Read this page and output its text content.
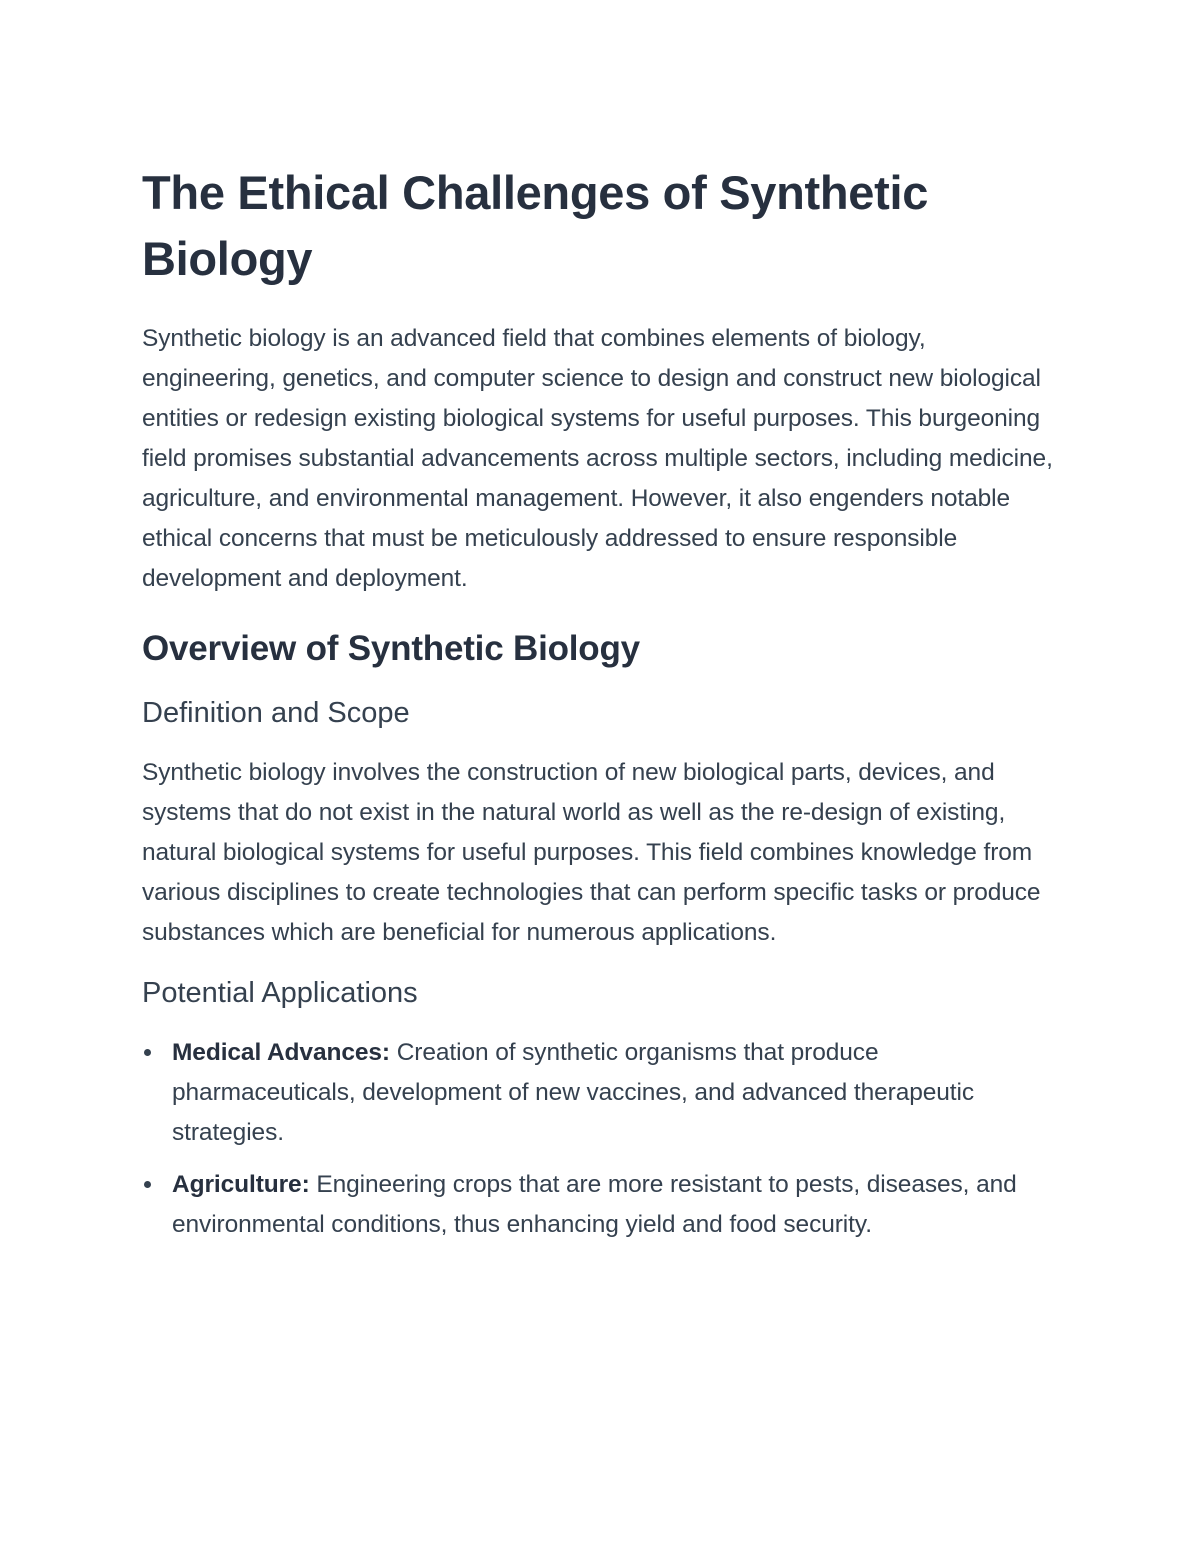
The Ethical Challenges of Synthetic Biology

Synthetic biology is an advanced field that combines elements of biology, engineering, genetics, and computer science to design and construct new biological entities or redesign existing biological systems for useful purposes. This burgeoning field promises substantial advancements across multiple sectors, including medicine, agriculture, and environmental management. However, it also engenders notable ethical concerns that must be meticulously addressed to ensure responsible development and deployment.

Overview of Synthetic Biology
Definition and Scope

Synthetic biology involves the construction of new biological parts, devices, and systems that do not exist in the natural world as well as the re-design of existing, natural biological systems for useful purposes. This field combines knowledge from various disciplines to create technologies that can perform specific tasks or produce substances which are beneficial for numerous applications.

Potential Applications
Medical Advances: Creation of synthetic organisms that produce pharmaceuticals, development of new vaccines, and advanced therapeutic strategies.
Agriculture: Engineering crops that are more resistant to pests, diseases, and environmental conditions, thus enhancing yield and food security.
